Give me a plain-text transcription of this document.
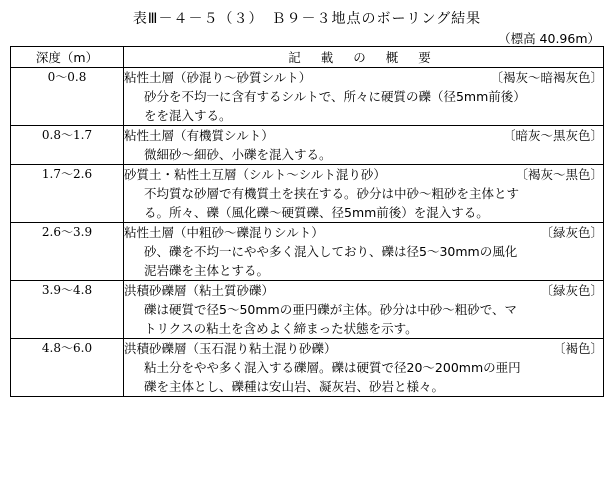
表Ⅲ－４－５（３）　Ｂ９－３地点のボーリング結果
（標高 40.96m）
深度（m）	記 載 の 概 要
0～0.8	粘性土層（砂混り～砂質シルト） 〔褐灰～暗褐灰色〕
砂分を不均一に含有するシルトで、所々に硬質の礫（径5mm前後）
をを混入する。

0.8～1.7	粘性土層（有機質シルト） 〔暗灰～黒灰色〕
微細砂～細砂、小礫を混入する。

1.7～2.6	砂質土・粘性土互層（シルト～シルト混り砂） 〔褐灰～黒色〕
不均質な砂層で有機質土を挟在する。砂分は中砂～粗砂を主体とす
る。所々、礫（風化礫～硬質礫、径5mm前後）を混入する。

2.6～3.9	粘性土層（中粗砂～礫混りシルト） 〔緑灰色〕
砂、礫を不均一にやや多く混入しており、礫は径5～30mmの風化
泥岩礫を主体とする。

3.9～4.8	洪積砂礫層（粘土質砂礫） 〔緑灰色〕
礫は硬質で径5～50mmの亜円礫が主体。砂分は中砂～粗砂で、マ
トリクスの粘土を含めよく締まった状態を示す。

4.8～6.0	洪積砂礫層（玉石混り粘土混り砂礫） 〔褐色〕
粘土分をやや多く混入する礫層。礫は硬質で径20～200mmの亜円
礫を主体とし、礫種は安山岩、凝灰岩、砂岩と様々。
